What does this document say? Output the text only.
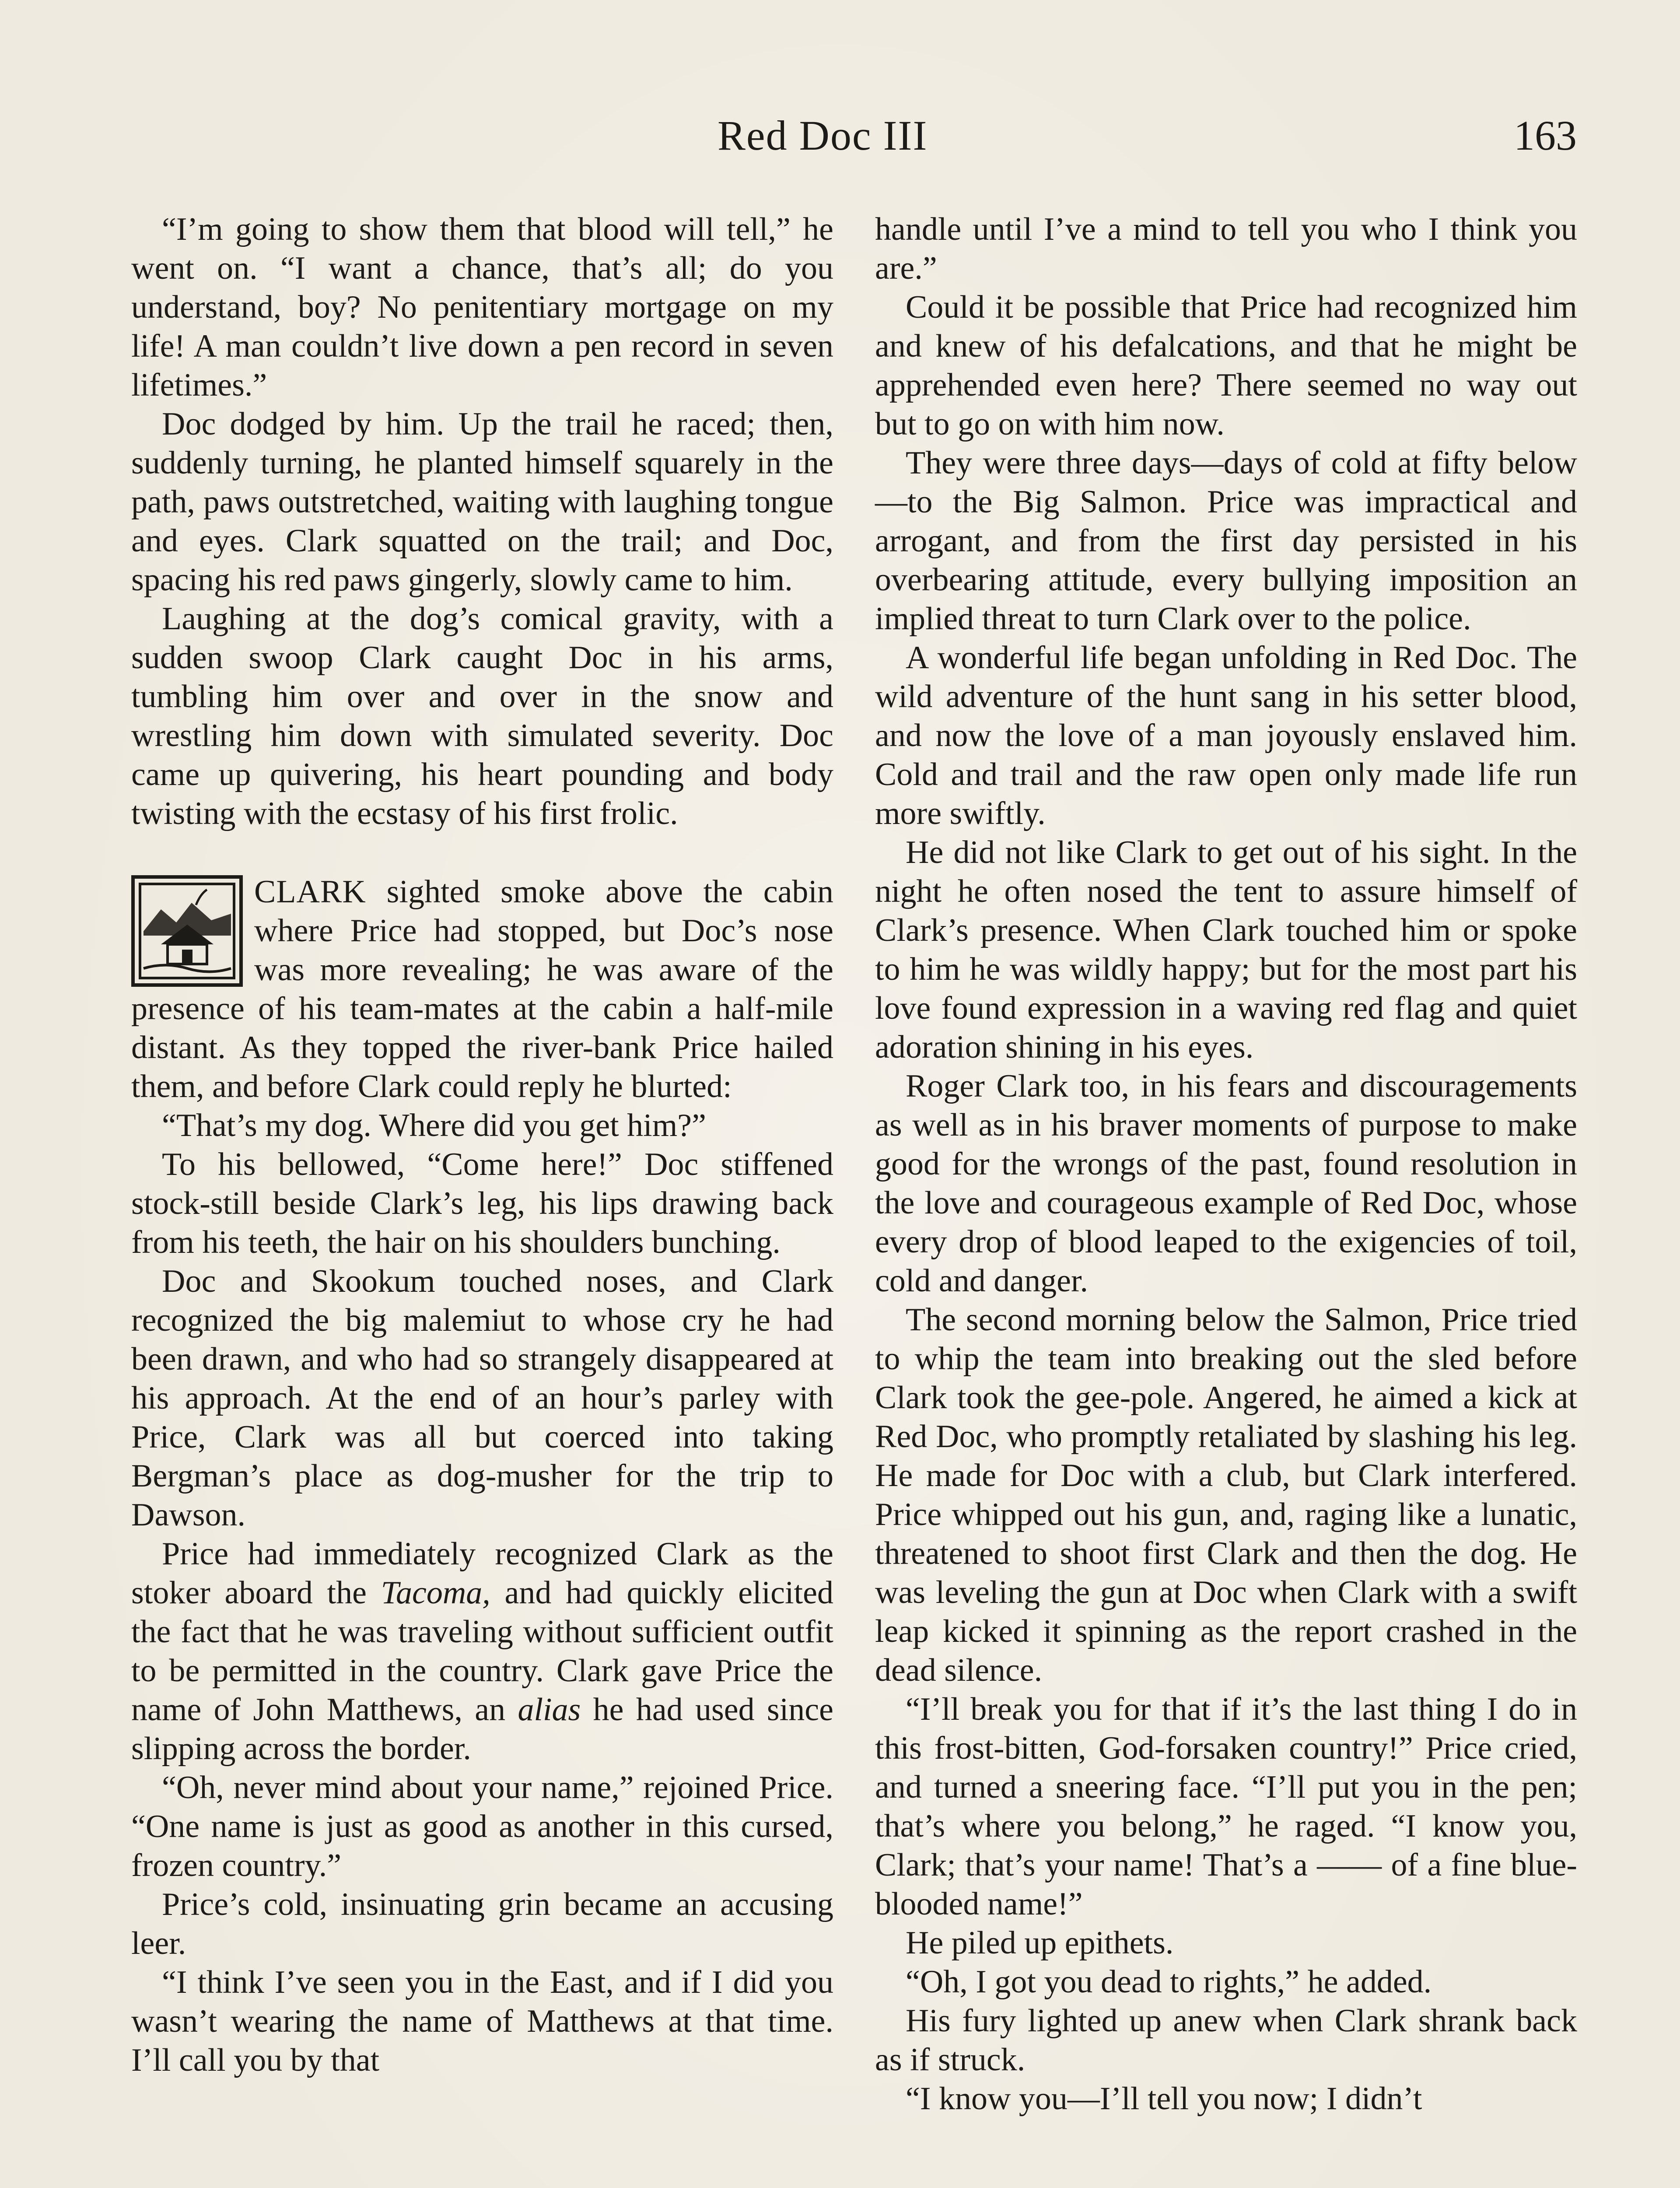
Red Doc III	163

“I’m going to show them that blood will tell,” he went on. “I want a chance, that’s all; do you understand, boy? No penitentiary mortgage on my life! A man couldn’t live down a pen record in seven lifetimes.”

Doc dodged by him. Up the trail he raced; then, suddenly turning, he planted himself squarely in the path, paws outstretched, waiting with laughing tongue and eyes. Clark squatted on the trail; and Doc, spacing his red paws gingerly, slowly came to him.

Laughing at the dog’s comical gravity, with a sudden swoop Clark caught Doc in his arms, tumbling him over and over in the snow and wrestling him down with simulated severity. Doc came up quivering, his heart pounding and body twisting with the ecstasy of his first frolic.

CLARK sighted smoke above the cabin where Price had stopped, but Doc’s nose was more revealing; he was aware of the presence of his team-mates at the cabin a half-mile distant. As they topped the river-bank Price hailed them, and before Clark could reply he blurted:

“That’s my dog. Where did you get him?”

To his bellowed, “Come here!” Doc stiffened stock-still beside Clark’s leg, his lips drawing back from his teeth, the hair on his shoulders bunching.

Doc and Skookum touched noses, and Clark recognized the big malemiut to whose cry he had been drawn, and who had so strangely disappeared at his approach. At the end of an hour’s parley with Price, Clark was all but coerced into taking Bergman’s place as dog-musher for the trip to Dawson.

Price had immediately recognized Clark as the stoker aboard the Tacoma, and had quickly elicited the fact that he was traveling without sufficient outfit to be permitted in the country. Clark gave Price the name of John Matthews, an alias he had used since slipping across the border.

“Oh, never mind about your name,” rejoined Price. “One name is just as good as another in this cursed, frozen country.”

Price’s cold, insinuating grin became an accusing leer.

“I think I’ve seen you in the East, and if I did you wasn’t wearing the name of Matthews at that time. I’ll call you by that

handle until I’ve a mind to tell you who I think you are.”

Could it be possible that Price had recognized him and knew of his defalcations, and that he might be apprehended even here? There seemed no way out but to go on with him now.

They were three days—days of cold at fifty below—to the Big Salmon. Price was impractical and arrogant, and from the first day persisted in his overbearing attitude, every bullying imposition an implied threat to turn Clark over to the police.

A wonderful life began unfolding in Red Doc. The wild adventure of the hunt sang in his setter blood, and now the love of a man joyously enslaved him. Cold and trail and the raw open only made life run more swiftly.

He did not like Clark to get out of his sight. In the night he often nosed the tent to assure himself of Clark’s presence. When Clark touched him or spoke to him he was wildly happy; but for the most part his love found expression in a waving red flag and quiet adoration shining in his eyes.

Roger Clark too, in his fears and discouragements as well as in his braver moments of purpose to make good for the wrongs of the past, found resolution in the love and courageous example of Red Doc, whose every drop of blood leaped to the exigencies of toil, cold and danger.

The second morning below the Salmon, Price tried to whip the team into breaking out the sled before Clark took the gee-pole. Angered, he aimed a kick at Red Doc, who promptly retaliated by slashing his leg. He made for Doc with a club, but Clark interfered. Price whipped out his gun, and, raging like a lunatic, threatened to shoot first Clark and then the dog. He was leveling the gun at Doc when Clark with a swift leap kicked it spinning as the report crashed in the dead silence.

“I’ll break you for that if it’s the last thing I do in this frost-bitten, God-forsaken country!” Price cried, and turned a sneering face. “I’ll put you in the pen; that’s where you belong,” he raged. “I know you, Clark; that’s your name! That’s a —— of a fine blue-blooded name!”

He piled up epithets.

“Oh, I got you dead to rights,” he added.

His fury lighted up anew when Clark shrank back as if struck.

“I know you—I’ll tell you now; I didn’t
